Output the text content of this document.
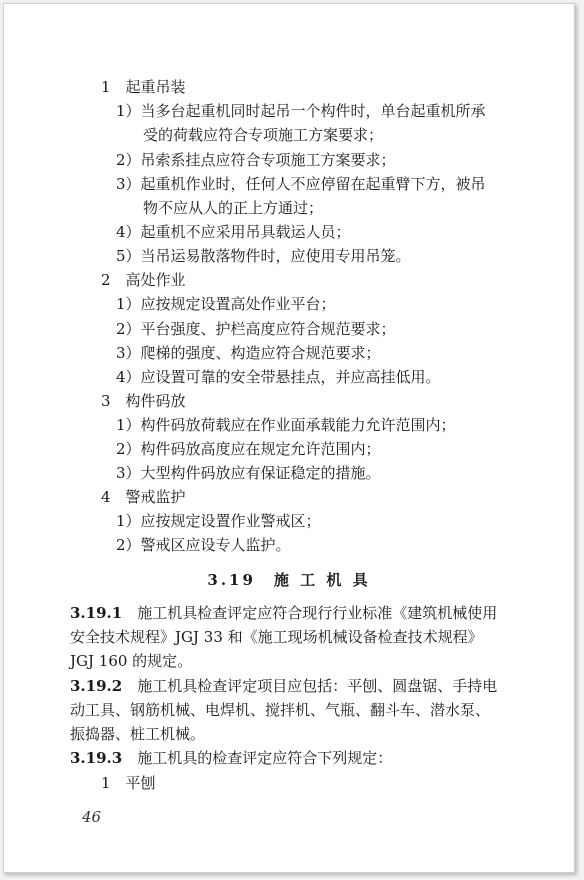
1　起重吊装
1）当多台起重机同时起吊一个构件时，单台起重机所承
受的荷载应符合专项施工方案要求；
2）吊索系挂点应符合专项施工方案要求；
3）起重机作业时，任何人不应停留在起重臂下方，被吊
物不应从人的正上方通过；
4）起重机不应采用吊具载运人员；
5）当吊运易散落物件时，应使用专用吊笼。
2　高处作业
1）应按规定设置高处作业平台；
2）平台强度、护栏高度应符合规范要求；
3）爬梯的强度、构造应符合规范要求；
4）应设置可靠的安全带悬挂点，并应高挂低用。
3　构件码放
1）构件码放荷载应在作业面承载能力允许范围内；
2）构件码放高度应在规定允许范围内；
3）大型构件码放应有保证稳定的措施。
4　警戒监护
1）应按规定设置作业警戒区；
2）警戒区应设专人监护。
3.19　施 工 机 具
3.19.1　 施工机具检查评定应符合现行行业标准《建筑机械使用
安全技术规程》JGJ 33 和《施工现场机械设备检查技术规程》
JGJ 160 的规定。
3.19.2　 施工机具检查评定项目应包括：平刨、圆盘锯、手持电
动工具、钢筋机械、电焊机、搅拌机、气瓶、翻斗车、潜水泵、
振捣器、桩工机械。
3.19.3　 施工机具的检查评定应符合下列规定：
1　平刨
46
